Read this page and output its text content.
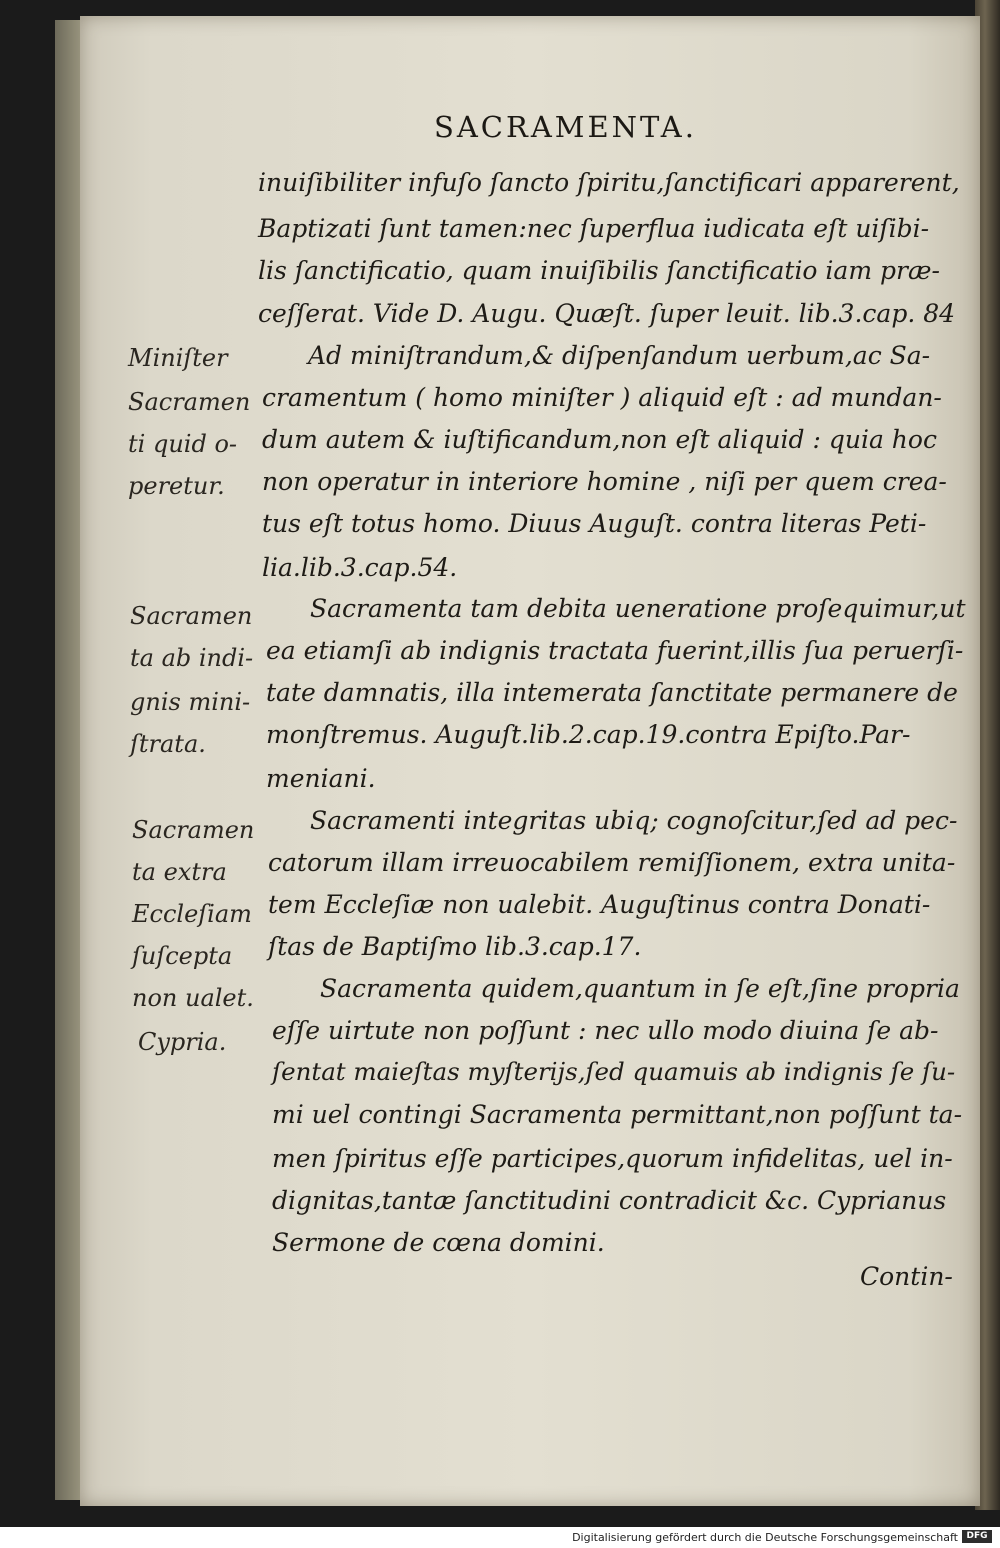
SACRAMENTA.
inuiſibiliter infuſo ſancto ſpiritu,ſanctificari apparerent,
Baptizati ſunt tamen:nec ſuperflua iudicata eſt uiſibi-
lis ſanctificatio, quam inuiſibilis ſanctificatio iam præ-
ceſſerat. Vide D. Augu. Quæſt. ſuper leuit. lib.3.cap. 84
Ad miniſtrandum,& diſpenſandum uerbum,ac Sa-
cramentum ( homo miniſter ) aliquid eſt : ad mundan-
dum autem & iuſtificandum,non eſt aliquid : quia hoc
non operatur in interiore homine , niſi per quem crea-
tus eſt totus homo. Diuus Auguſt. contra literas Peti-
lia.lib.3.cap.54.
Sacramenta tam debita ueneratione proſequimur,ut
ea etiamſi ab indignis tractata fuerint,illis ſua peruerſi-
tate damnatis, illa intemerata ſanctitate permanere de
monſtremus. Auguſt.lib.2.cap.19.contra Epiſto.Par-
meniani.
Sacramenti integritas ubiq; cognoſcitur,ſed ad pec-
catorum illam irreuocabilem remiſſionem, extra unita-
tem Eccleſiæ non ualebit. Auguſtinus contra Donati-
ſtas de Baptiſmo lib.3.cap.17.
Sacramenta quidem,quantum in ſe eſt,ſine propria
eſſe uirtute non poſſunt : nec ullo modo diuina ſe ab-
ſentat maieſtas myſterijs,ſed quamuis ab indignis ſe ſu-
mi uel contingi Sacramenta permittant,non poſſunt ta-
men ſpiritus eſſe participes,quorum infidelitas, uel in-
dignitas,tantæ ſanctitudini contradicit &c. Cyprianus
Sermone de cœna domini.
Miniſter
Sacramen
ti quid o-
peretur.
Sacramen
ta ab indi-
gnis mini-
ſtrata.
Sacramen
ta extra
Eccleſiam
ſuſcepta
non ualet.
Cypria.
Contin-
Digitalisierung gefördert durch die Deutsche Forschungsgemeinschaft DFG
